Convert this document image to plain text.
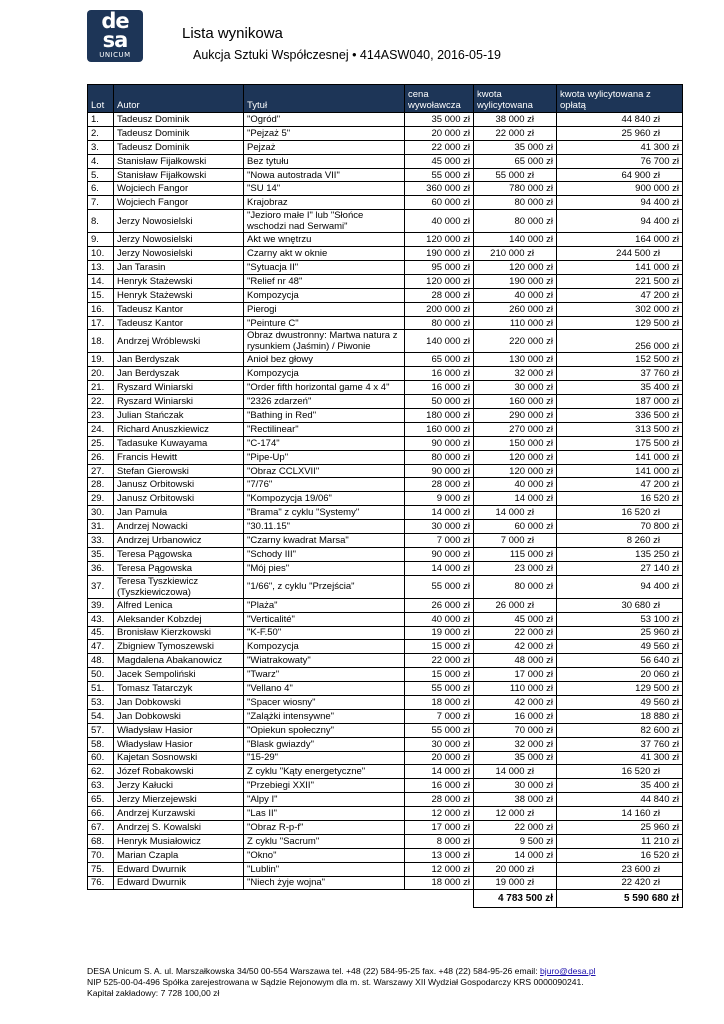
de
sa
UNICUM
Lista wynikowa
Aukcja Sztuki Współczesnej • 414ASW040, 2016-05-19
Lot	Autor	Tytuł	cena wywoławcza	kwota wylicytowana	kwota wylicytowana z opłatą
1.	Tadeusz Dominik	"Ogród"	35 000 zł	38 000 zł *	44 840 zł *
2.	Tadeusz Dominik	"Pejzaż 5"	20 000 zł	22 000 zł *	25 960 zł *
3.	Tadeusz Dominik	Pejzaż	22 000 zł	35 000 zł	41 300 zł
4.	Stanisław Fijałkowski	Bez tytułu	45 000 zł	65 000 zł	76 700 zł
5.	Stanisław Fijałkowski	"Nowa autostrada VII"	55 000 zł	55 000 zł *	64 900 zł *
6.	Wojciech Fangor	"SU 14"	360 000 zł	780 000 zł	900 000 zł
7.	Wojciech Fangor	Krajobraz	60 000 zł	80 000 zł	94 400 zł
8.	Jerzy Nowosielski	"Jezioro małe I" lub "Słońce wschodzi nad Serwami"	40 000 zł	80 000 zł	94 400 zł
9.	Jerzy Nowosielski	Akt we wnętrzu	120 000 zł	140 000 zł	164 000 zł
10.	Jerzy Nowosielski	Czarny akt w oknie	190 000 zł	210 000 zł *	244 500 zł *
13.	Jan Tarasin	"Sytuacja II"	95 000 zł	120 000 zł	141 000 zł
14.	Henryk Stażewski	"Relief nr 48"	120 000 zł	190 000 zł	221 500 zł
15.	Henryk Stażewski	Kompozycja	28 000 zł	40 000 zł	47 200 zł
16.	Tadeusz Kantor	Pierogi	200 000 zł	260 000 zł	302 000 zł
17.	Tadeusz Kantor	"Peinture C"	80 000 zł	110 000 zł	129 500 zł
18.	Andrzej Wróblewski	Obraz dwustronny: Martwa natura z rysunkiem (Jaśmin) / Piwonie	140 000 zł	220 000 zł	256 000 zł
19.	Jan Berdyszak	Anioł bez głowy	65 000 zł	130 000 zł	152 500 zł
20.	Jan Berdyszak	Kompozycja	16 000 zł	32 000 zł	37 760 zł
21.	Ryszard Winiarski	"Order fifth horizontal game 4 x 4"	16 000 zł	30 000 zł	35 400 zł
22.	Ryszard Winiarski	"2326 zdarzeń"	50 000 zł	160 000 zł	187 000 zł
23.	Julian Stańczak	"Bathing in Red"	180 000 zł	290 000 zł	336 500 zł
24.	Richard Anuszkiewicz	"Rectilinear"	160 000 zł	270 000 zł	313 500 zł
25.	Tadasuke Kuwayama	"C-174"	90 000 zł	150 000 zł	175 500 zł
26.	Francis Hewitt	"Pipe-Up"	80 000 zł	120 000 zł	141 000 zł
27.	Stefan Gierowski	"Obraz CCLXVII"	90 000 zł	120 000 zł	141 000 zł
28.	Janusz Orbitowski	"7/76"	28 000 zł	40 000 zł	47 200 zł
29.	Janusz Orbitowski	"Kompozycja 19/06"	9 000 zł	14 000 zł	16 520 zł
30.	Jan Pamuła	"Brama" z cyklu "Systemy"	14 000 zł	14 000 zł *	16 520 zł *
31.	Andrzej Nowacki	"30.11.15"	30 000 zł	60 000 zł	70 800 zł
33.	Andrzej Urbanowicz	"Czarny kwadrat Marsa"	7 000 zł	7 000 zł *	8 260 zł *
35.	Teresa Pągowska	"Schody III"	90 000 zł	115 000 zł	135 250 zł
36.	Teresa Pągowska	"Mój pies"	14 000 zł	23 000 zł	27 140 zł
37.	Teresa Tyszkiewicz (Tyszkiewiczowa)	"1/66", z cyklu "Przejścia"	55 000 zł	80 000 zł	94 400 zł
39.	Alfred Lenica	"Plaża"	26 000 zł	26 000 zł *	30 680 zł *
43.	Aleksander Kobzdej	"Verticalité"	40 000 zł	45 000 zł	53 100 zł
45.	Bronisław Kierzkowski	"K-F.50"	19 000 zł	22 000 zł	25 960 zł
47.	Zbigniew Tymoszewski	Kompozycja	15 000 zł	42 000 zł	49 560 zł
48.	Magdalena Abakanowicz	"Wiatrakowaty"	22 000 zł	48 000 zł	56 640 zł
50.	Jacek Sempoliński	"Twarz"	15 000 zł	17 000 zł	20 060 zł
51.	Tomasz Tatarczyk	"Vellano 4"	55 000 zł	110 000 zł	129 500 zł
53.	Jan Dobkowski	"Spacer wiosny"	18 000 zł	42 000 zł	49 560 zł
54.	Jan Dobkowski	"Zalążki intensywne"	7 000 zł	16 000 zł	18 880 zł
57.	Władysław Hasior	"Opiekun społeczny"	55 000 zł	70 000 zł	82 600 zł
58.	Władysław Hasior	"Blask gwiazdy"	30 000 zł	32 000 zł	37 760 zł
60.	Kajetan Sosnowski	"15-29"	20 000 zł	35 000 zł	41 300 zł
62.	Józef Robakowski	Z cyklu "Kąty energetyczne"	14 000 zł	14 000 zł *	16 520 zł *
63.	Jerzy Kałucki	"Przebiegi XXII"	16 000 zł	30 000 zł	35 400 zł
65.	Jerzy Mierzejewski	"Alpy I"	28 000 zł	38 000 zł	44 840 zł
66.	Andrzej Kurzawski	"Las II"	12 000 zł	12 000 zł *	14 160 zł *
67.	Andrzej S. Kowalski	"Obraz R-p-f"	17 000 zł	22 000 zł	25 960 zł
68.	Henryk Musiałowicz	Z cyklu "Sacrum"	8 000 zł	9 500 zł	11 210 zł
70.	Marian Czapla	"Okno"	13 000 zł	14 000 zł	16 520 zł
75.	Edward Dwurnik	"Lublin"	12 000 zł	20 000 zł *	23 600 zł *
76.	Edward Dwurnik	"Niech żyje wojna"	18 000 zł	19 000 zł *	22 420 zł *
				4 783 500 zł	5 590 680 zł
DESA Unicum S. A. ul. Marszałkowska 34/50 00-554 Warszawa tel. +48 (22) 584-95-25 fax. +48 (22) 584-95-26 email: bjuro@desa.pl
NIP 525-00-04-496 Spółka zarejestrowana w Sądzie Rejonowym dla m. st. Warszawy XII Wydział Gospodarczy KRS 0000090241.
Kapitał zakładowy: 7 728 100,00 zł
